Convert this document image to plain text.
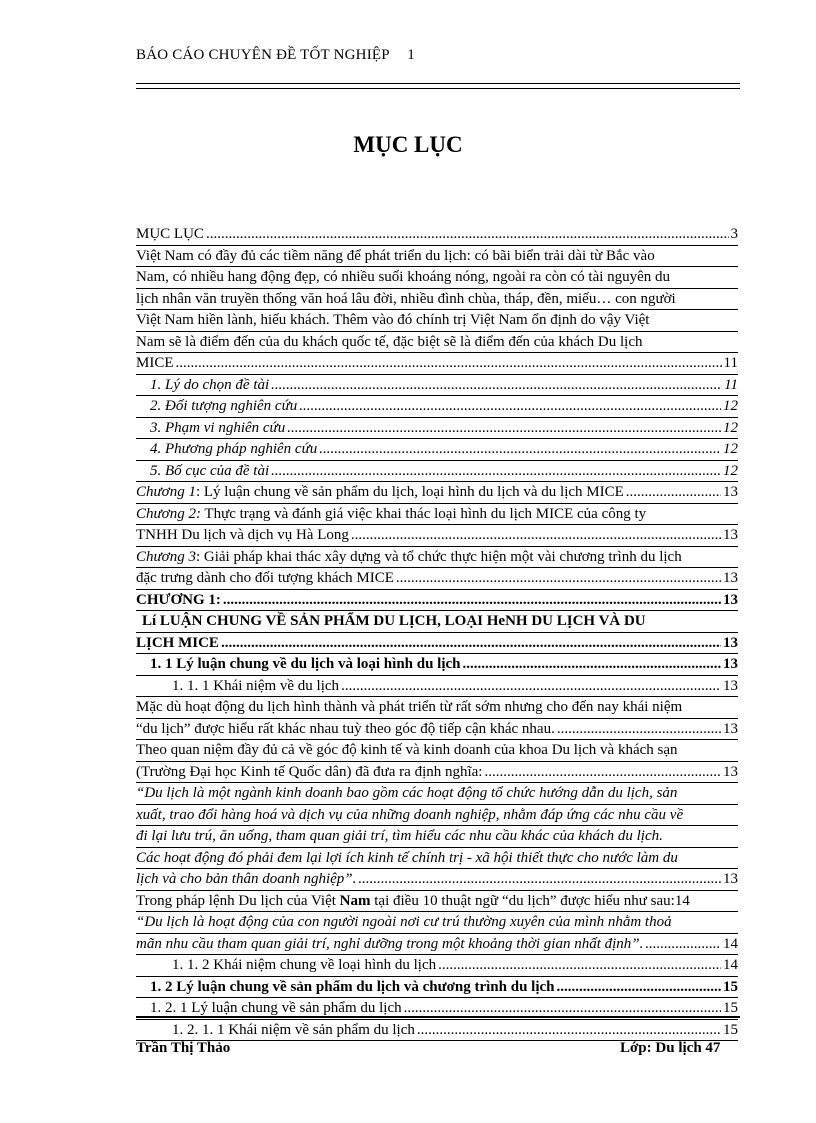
BÁO CÁO CHUYÊN ĐỀ TỐT NGHIỆP 1
MỤC LỤC
MỤC LỤC .....	3
Việt Nam có đầy đủ các tiềm năng để phát triển du lịch: có bãi biển trải dài từ Bắc vào
Nam, có nhiều hang động đẹp, có nhiều suối khoáng nóng, ngoài ra còn có tài nguyên du
lịch nhân văn truyền thống văn hoá lâu đời, nhiều đình chùa, tháp, đền, miếu… con người
Việt Nam hiền lành, hiếu khách. Thêm vào đó chính trị Việt Nam ổn định do vậy Việt
Nam sẽ là điểm đến của du khách quốc tế, đặc biệt sẽ là điểm đến của khách Du lịch
MICE .....	11
1. Lý do chọn đề tài .....	11
2. Đối tượng nghiên cứu .....	12
3. Phạm vi nghiên cứu .....	12
4. Phương pháp nghiên cứu .....	12
5. Bố cục của đề tài .....	12
Chương 1: Lý luận chung về sản phẩm du lịch, loại hình du lịch và du lịch MICE .....	13
Chương 2: Thực trạng và đánh giá việc khai thác loại hình du lịch MICE của công ty
TNHH Du lịch và dịch vụ Hà Long .....	13
Chương 3: Giải pháp khai thác xây dựng và tổ chức thực hiện một vài chương trình du lịch
đặc trưng dành cho đối tượng khách MICE .....	13
CHƯƠNG 1: .....	13
Lí LUẬN CHUNG VỀ SẢN PHẨM DU LỊCH, LOẠI HeNH DU LỊCH VÀ DU
LỊCH MICE .....	13
1. 1 Lý luận chung về du lịch và loại hình du lịch .....	13
1. 1. 1 Khái niệm về du lịch .....	13
Mặc dù hoạt động du lịch hình thành và phát triển từ rất sớm nhưng cho đến nay khái niệm
“du lịch” được hiểu rất khác nhau tuỳ theo góc độ tiếp cận khác nhau. .....	13
Theo quan niệm đầy đủ cả về góc độ kinh tế và kinh doanh của khoa Du lịch và khách sạn
(Trường Đại học Kinh tế Quốc dân) đã đưa ra định nghĩa: .....	13
“Du lịch là một ngành kinh doanh bao gồm các hoạt động tổ chức hướng dẫn du lịch, sản
xuất, trao đổi hàng hoá và dịch vụ của những doanh nghiệp, nhằm đáp ứng các nhu cầu về
đi lại lưu trú, ăn uống, tham quan giải trí, tìm hiểu các nhu cầu khác của khách du lịch.
Các hoạt động đó phải đem lại lợi ích kinh tế chính trị - xã hội thiết thực cho nước làm du
lịch và cho bản thân doanh nghiệp”. .....	13
Trong pháp lệnh Du lịch của Việt Nam tại điều 10 thuật ngữ “du lịch” được hiểu như sau: 14
“Du lịch là hoạt động của con người ngoài nơi cư trú thường xuyên của mình nhằm thoả
mãn nhu cầu tham quan giải trí, nghỉ dưỡng trong một khoảng thời gian nhất định”. .....	14
1. 1. 2 Khái niệm chung về loại hình du lịch .....	14
1. 2 Lý luận chung về sản phẩm du lịch và chương trình du lịch .....	15
1. 2. 1 Lý luận chung về sản phẩm du lịch .....	15
1. 2. 1. 1 Khái niệm về sản phẩm du lịch .....	15
Trần Thị Thảo	Lớp: Du lịch 47
